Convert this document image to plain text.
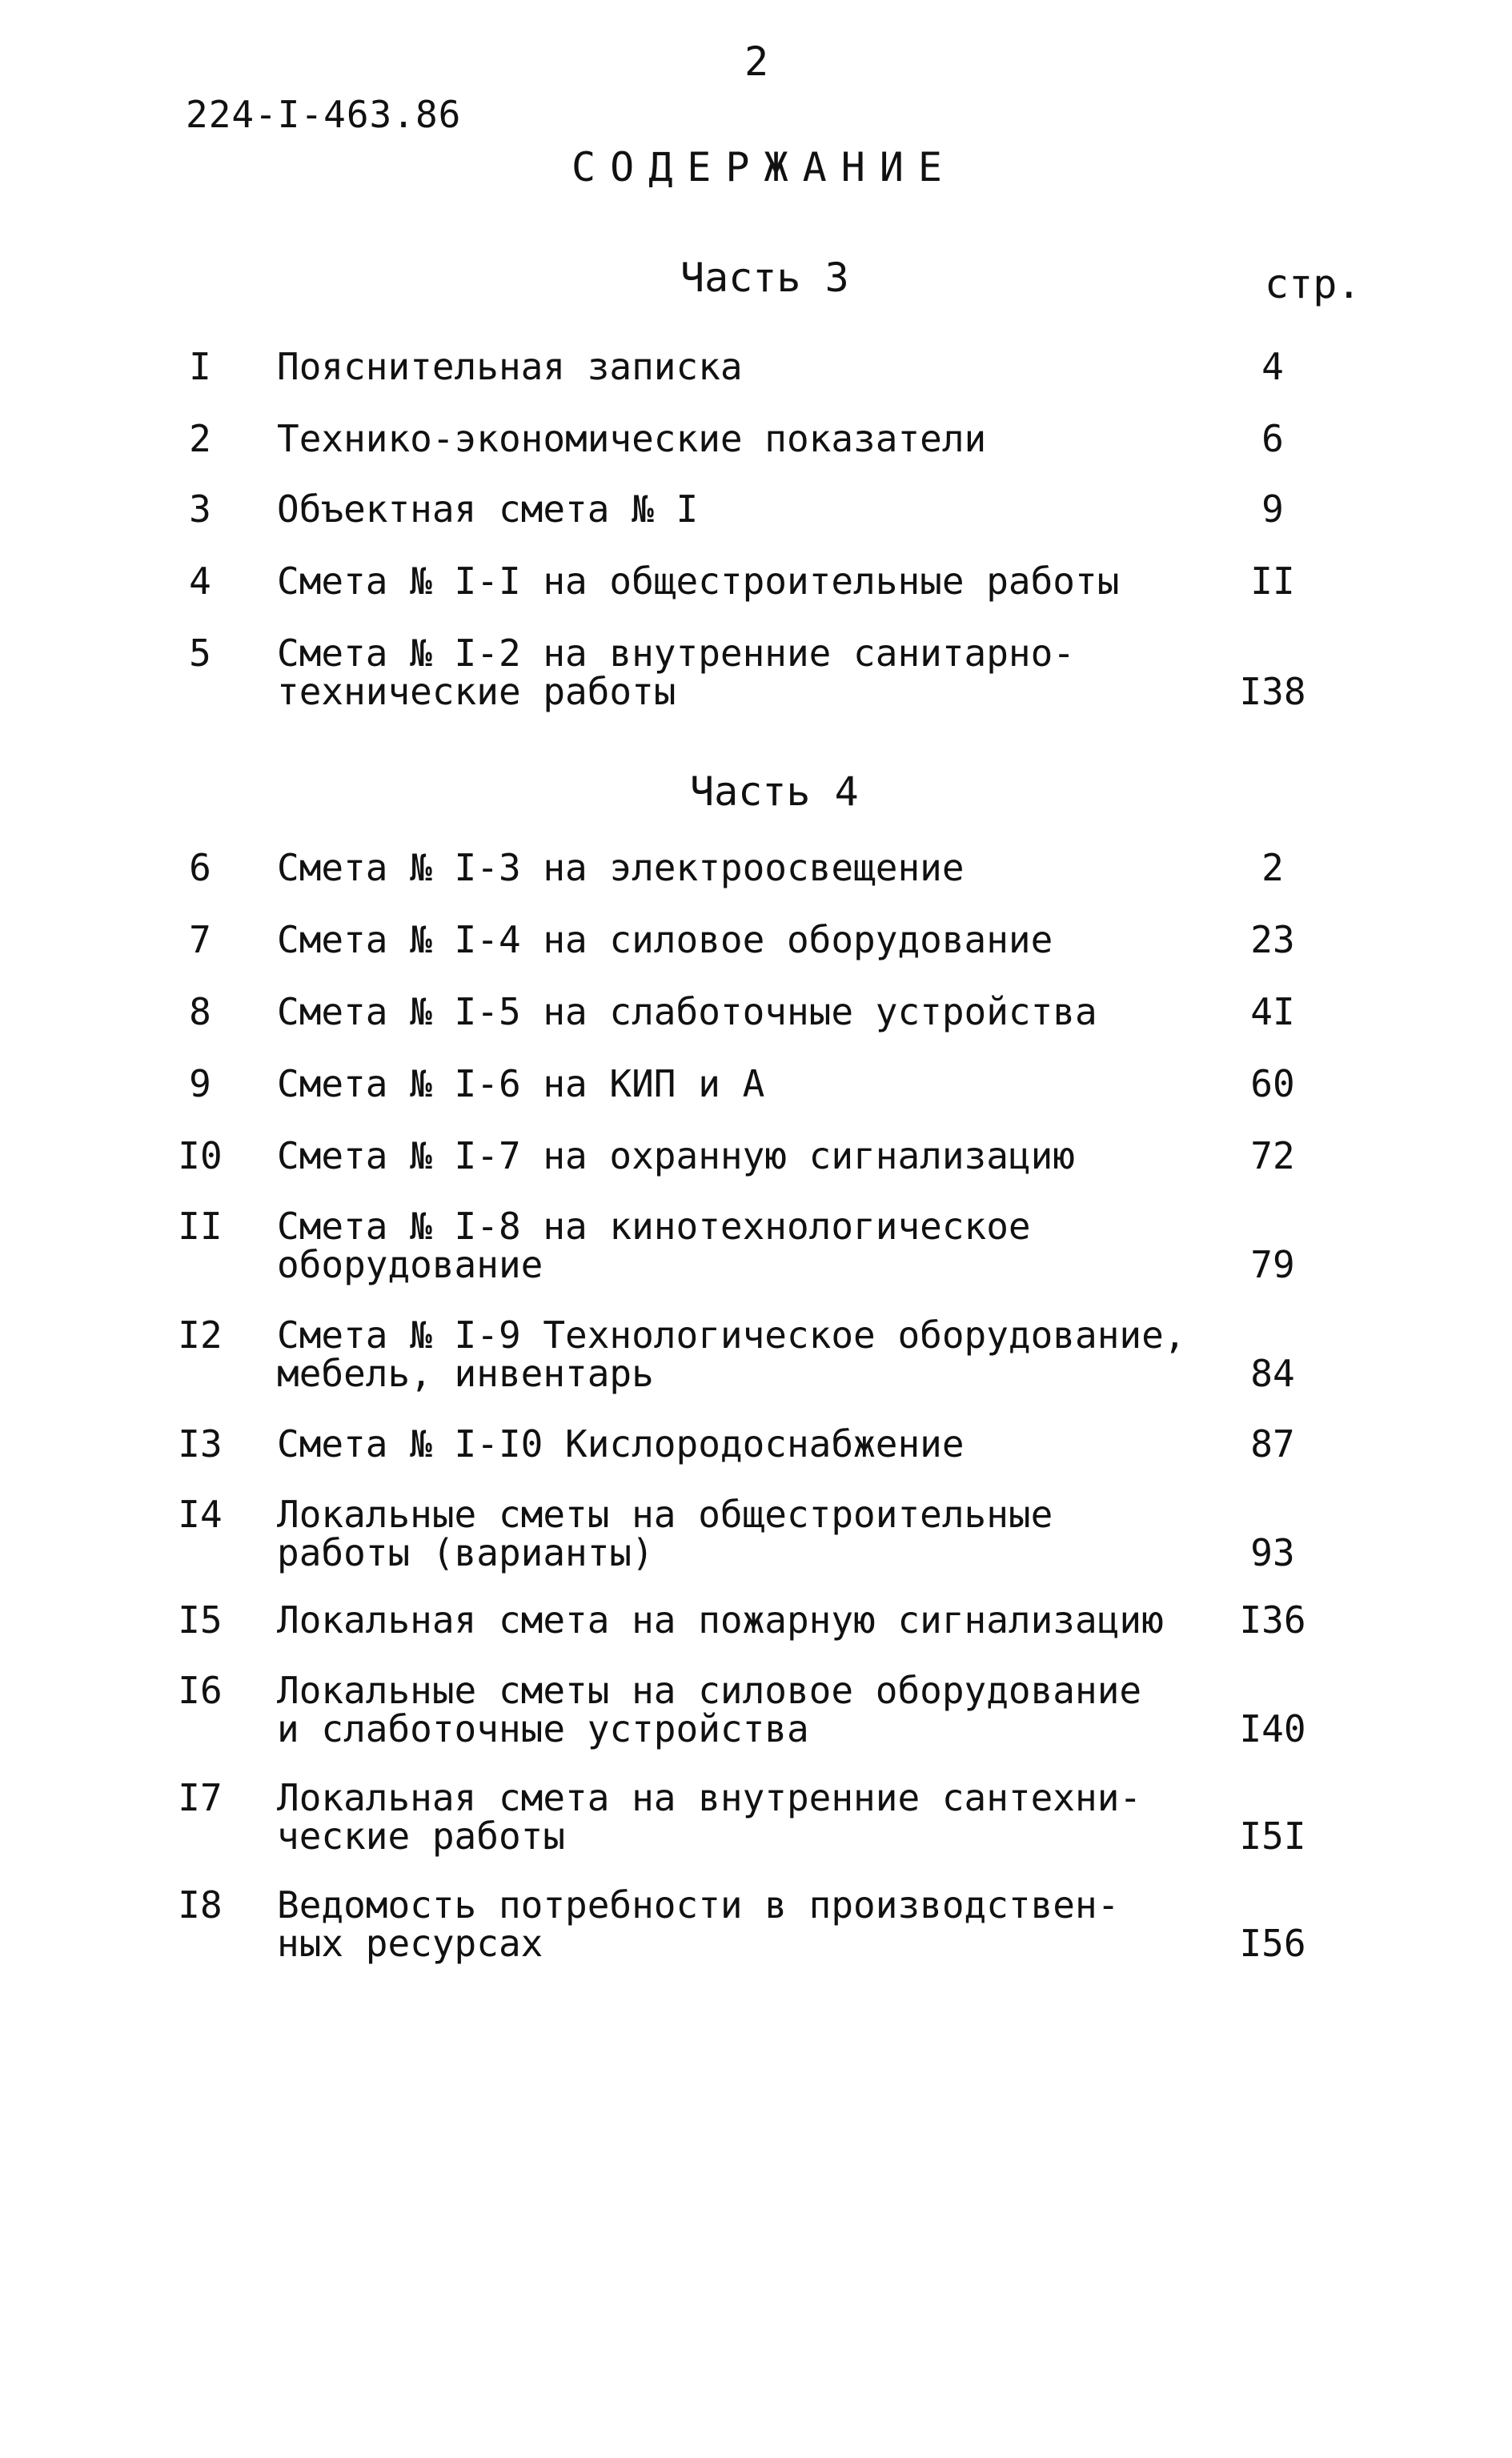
2
224-I-463.86
СОДЕРЖАНИЕ
Часть 3	стр.
I	Пояснительная записка	4
2	Технико-экономические показатели	6
3	Объектная смета № I	9
4	Смета № I-I на общестроительные работы	II
5	Смета № I-2 на внутренние санитарно-
технические работы	I38
Часть 4
6	Смета № I-3 на электроосвещение	2
7	Смета № I-4 на силовое оборудование	23
8	Смета № I-5 на слаботочные устройства	4I
9	Смета № I-6 на КИП и А	60
I0	Смета № I-7 на охранную сигнализацию	72
II	Смета № I-8 на кинотехнологическое
оборудование	79
I2	Смета № I-9 Технологическое оборудование,
мебель, инвентарь	84
I3	Смета № I-I0 Кислородоснабжение	87
I4	Локальные сметы на общестроительные
работы (варианты)	93
I5	Локальная смета на пожарную сигнализацию	I36
I6	Локальные сметы на силовое оборудование
и слаботочные устройства	I40
I7	Локальная смета на внутренние сантехни-
ческие работы	I5I
I8	Ведомость потребности в производствен-
ных ресурсах	I56
